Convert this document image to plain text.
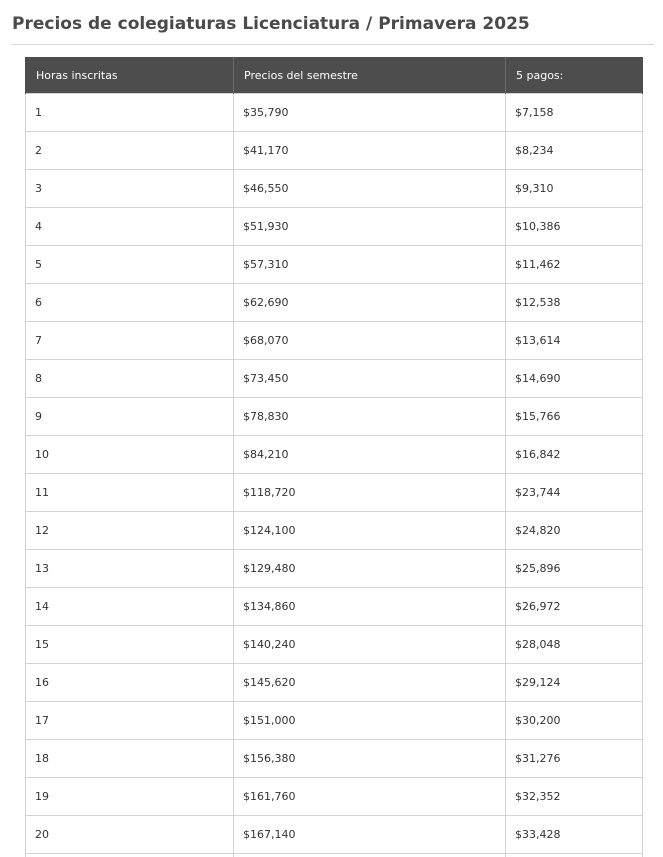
Precios de colegiaturas Licenciatura / Primavera 2025
Horas inscritas	Precios del semestre	5 pagos:
1	$35,790	$7,158
2	$41,170	$8,234
3	$46,550	$9,310
4	$51,930	$10,386
5	$57,310	$11,462
6	$62,690	$12,538
7	$68,070	$13,614
8	$73,450	$14,690
9	$78,830	$15,766
10	$84,210	$16,842
11	$118,720	$23,744
12	$124,100	$24,820
13	$129,480	$25,896
14	$134,860	$26,972
15	$140,240	$28,048
16	$145,620	$29,124
17	$151,000	$30,200
18	$156,380	$31,276
19	$161,760	$32,352
20	$167,140	$33,428
